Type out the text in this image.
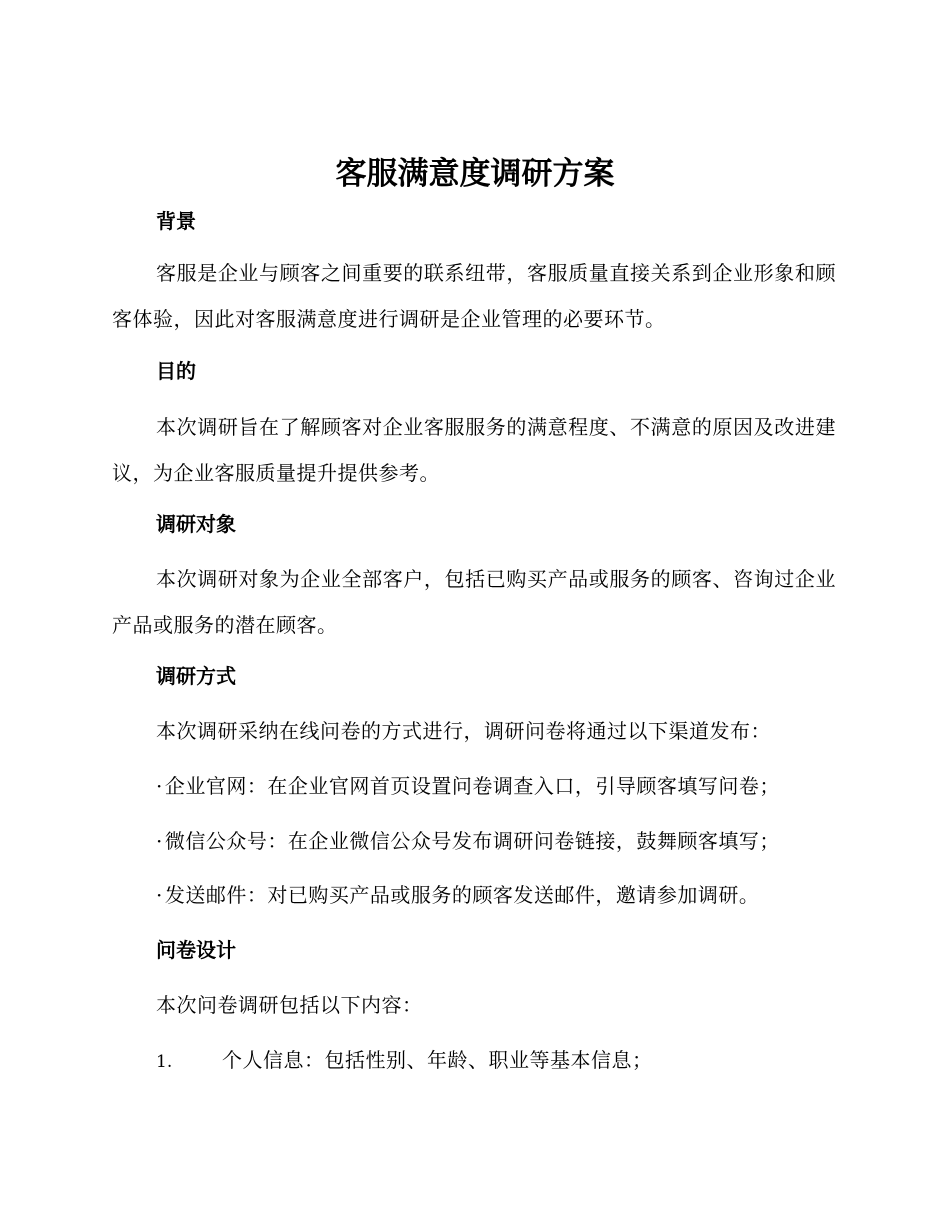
客服满意度调研方案
背景

客服是企业与顾客之间重要的联系纽带，客服质量直接关系到企业形象和顾客体验，因此对客服满意度进行调研是企业管理的必要环节。

目的

本次调研旨在了解顾客对企业客服服务的满意程度、不满意的原因及改进建议，为企业客服质量提升提供参考。

调研对象

本次调研对象为企业全部客户，包括已购买产品或服务的顾客、咨询过企业产品或服务的潜在顾客。

调研方式

本次调研采纳在线问卷的方式进行，调研问卷将通过以下渠道发布：

· 企业官网：在企业官网首页设置问卷调查入口，引导顾客填写问卷；

· 微信公众号：在企业微信公众号发布调研问卷链接，鼓舞顾客填写；

· 发送邮件：对已购买产品或服务的顾客发送邮件，邀请参加调研。

问卷设计

本次问卷调研包括以下内容：

1. 个人信息：包括性别、年龄、职业等基本信息；
